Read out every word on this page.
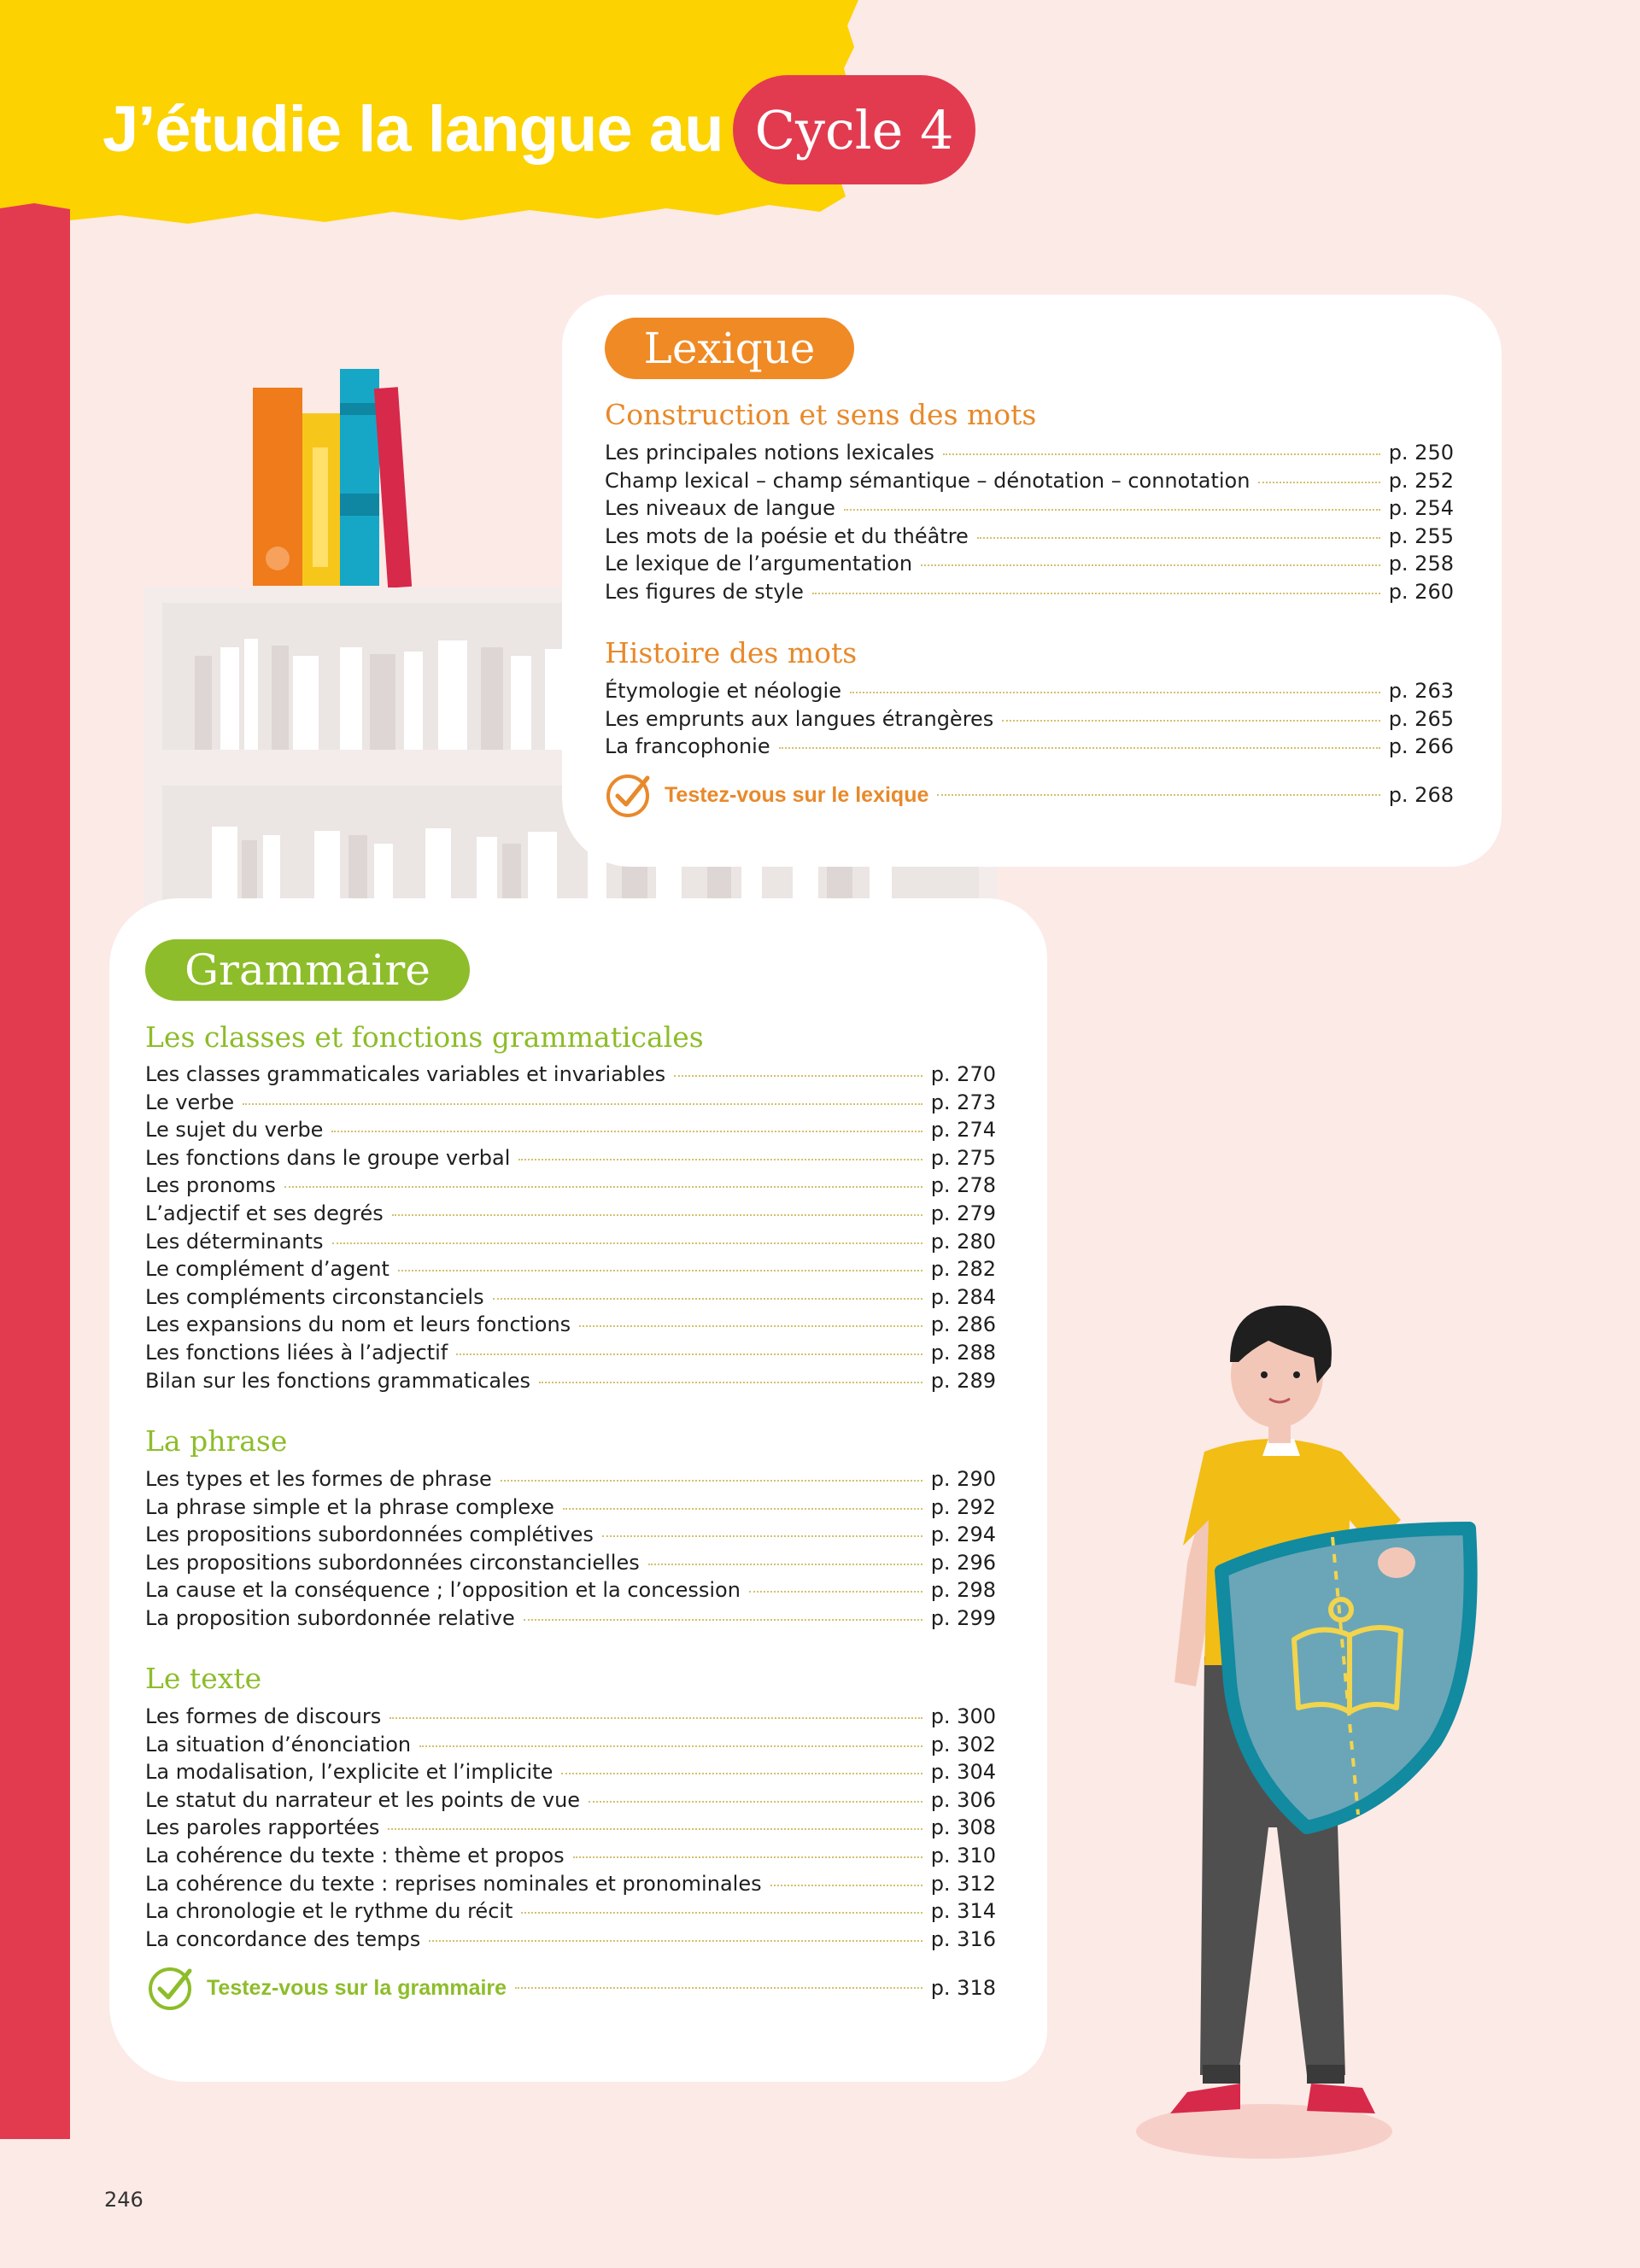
J’étudie la langue au Cycle 4
Lexique
Construction et sens des mots
Les principales notions lexicales	p. 250
Champ lexical – champ sémantique – dénotation – connotation	p. 252
Les niveaux de langue	p. 254
Les mots de la poésie et du théâtre	p. 255
Le lexique de l’argumentation	p. 258
Les figures de style	p. 260
Histoire des mots
Étymologie et néologie	p. 263
Les emprunts aux langues étrangères	p. 265
La francophonie	p. 266
Testez-vous sur le lexique	p. 268
Grammaire
Les classes et fonctions grammaticales
Les classes grammaticales variables et invariables	p. 270
Le verbe	p. 273
Le sujet du verbe	p. 274
Les fonctions dans le groupe verbal	p. 275
Les pronoms	p. 278
L’adjectif et ses degrés	p. 279
Les déterminants	p. 280
Le complément d’agent	p. 282
Les compléments circonstanciels	p. 284
Les expansions du nom et leurs fonctions	p. 286
Les fonctions liées à l’adjectif	p. 288
Bilan sur les fonctions grammaticales	p. 289
La phrase
Les types et les formes de phrase	p. 290
La phrase simple et la phrase complexe	p. 292
Les propositions subordonnées complétives	p. 294
Les propositions subordonnées circonstancielles	p. 296
La cause et la conséquence ; l’opposition et la concession	p. 298
La proposition subordonnée relative	p. 299
Le texte
Les formes de discours	p. 300
La situation d’énonciation	p. 302
La modalisation, l’explicite et l’implicite	p. 304
Le statut du narrateur et les points de vue	p. 306
Les paroles rapportées	p. 308
La cohérence du texte : thème et propos	p. 310
La cohérence du texte : reprises nominales et pronominales	p. 312
La chronologie et le rythme du récit	p. 314
La concordance des temps	p. 316
Testez-vous sur la grammaire	p. 318
246
